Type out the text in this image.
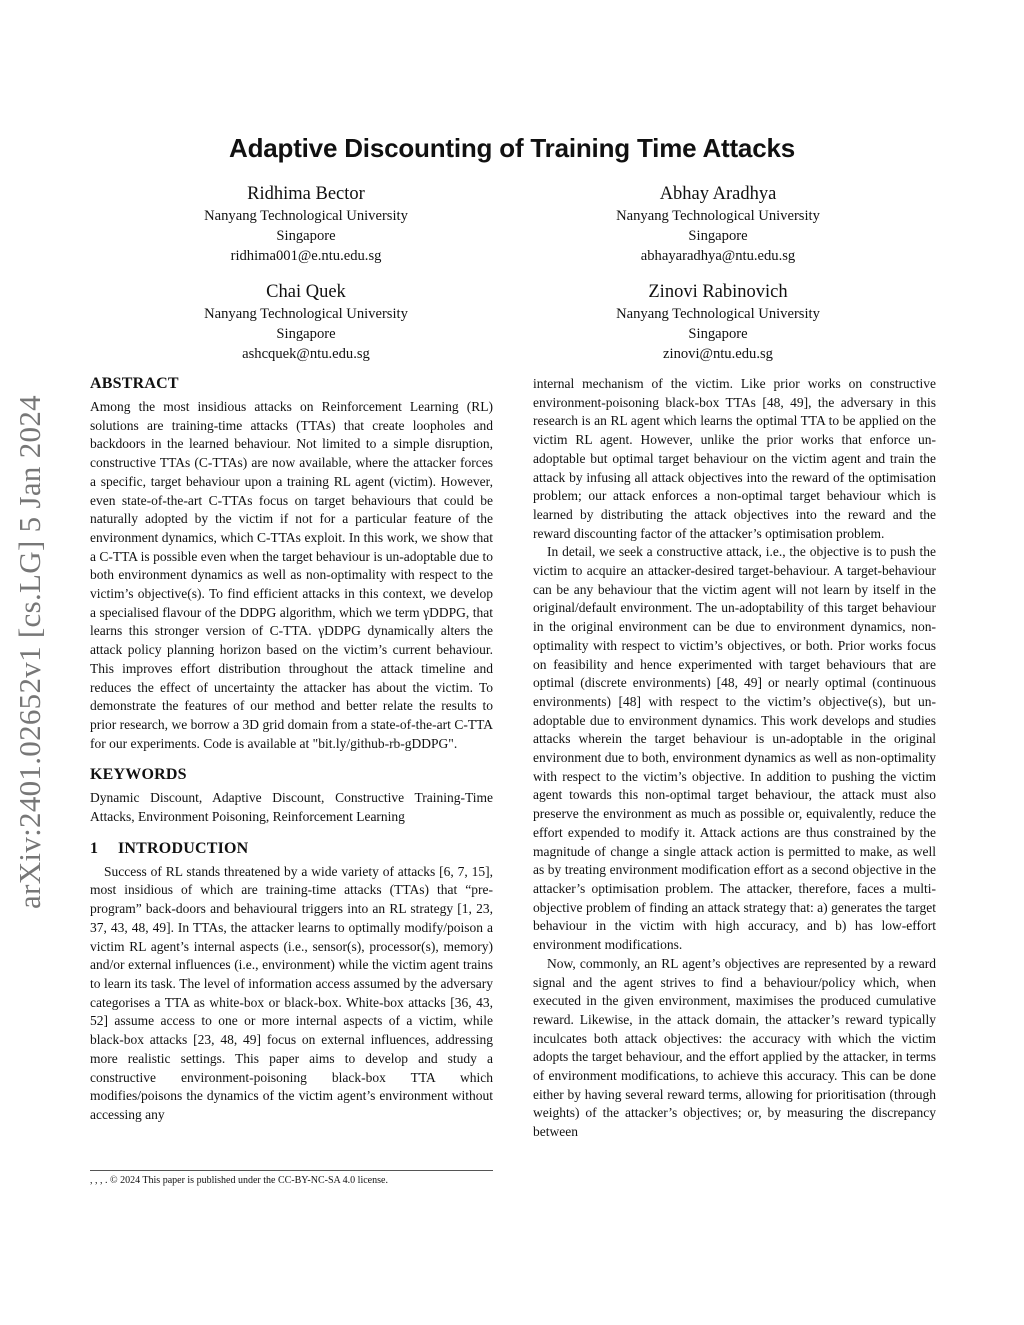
Adaptive Discounting of Training Time Attacks
arXiv:2401.02652v1 [cs.LG] 5 Jan 2024
Ridhima Bector
Nanyang Technological University
Singapore
ridhima001@e.ntu.edu.sg
Abhay Aradhya
Nanyang Technological University
Singapore
abhayaradhya@ntu.edu.sg
Chai Quek
Nanyang Technological University
Singapore
ashcquek@ntu.edu.sg
Zinovi Rabinovich
Nanyang Technological University
Singapore
zinovi@ntu.edu.sg
ABSTRACT

Among the most insidious attacks on Reinforcement Learning (RL) solutions are training-time attacks (TTAs) that create loopholes and backdoors in the learned behaviour. Not limited to a simple disruption, constructive TTAs (C-TTAs) are now available, where the attacker forces a specific, target behaviour upon a training RL agent (victim). However, even state-of-the-art C-TTAs focus on target behaviours that could be naturally adopted by the victim if not for a particular feature of the environment dynamics, which C-TTAs exploit. In this work, we show that a C-TTA is possible even when the target behaviour is un-adoptable due to both environment dynamics as well as non-optimality with respect to the victim’s objective(s). To find efficient attacks in this context, we develop a specialised flavour of the DDPG algorithm, which we term γDDPG, that learns this stronger version of C-TTA. γDDPG dynamically alters the attack policy planning horizon based on the victim’s current behaviour. This improves effort distribution throughout the attack timeline and reduces the effect of uncertainty the attacker has about the victim. To demonstrate the features of our method and better relate the results to prior research, we borrow a 3D grid domain from a state-of-the-art C-TTA for our experiments. Code is available at "bit.ly/github-rb-gDDPG".

KEYWORDS

Dynamic Discount, Adaptive Discount, Constructive Training-Time Attacks, Environment Poisoning, Reinforcement Learning

1 INTRODUCTION

Success of RL stands threatened by a wide variety of attacks [6, 7, 15], most insidious of which are training-time attacks (TTAs) that “pre-program” back-doors and behavioural triggers into an RL strategy [1, 23, 37, 43, 48, 49]. In TTAs, the attacker learns to optimally modify/poison a victim RL agent’s internal aspects (i.e., sensor(s), processor(s), memory) and/or external influences (i.e., environment) while the victim agent trains to learn its task. The level of information access assumed by the adversary categorises a TTA as white-box or black-box. White-box attacks [36, 43, 52] assume access to one or more internal aspects of a victim, while black-box attacks [23, 48, 49] focus on external influences, addressing more realistic settings. This paper aims to develop and study a constructive environment-poisoning black-box TTA which modifies/poisons the dynamics of the victim agent’s environment without accessing any

, , , . © 2024 This paper is published under the CC-BY-NC-SA 4.0 license.

internal mechanism of the victim. Like prior works on constructive environment-poisoning black-box TTAs [48, 49], the adversary in this research is an RL agent which learns the optimal TTA to be applied on the victim RL agent. However, unlike the prior works that enforce un-adoptable but optimal target behaviour on the victim agent and train the attack by infusing all attack objectives into the reward of the optimisation problem; our attack enforces a non-optimal target behaviour which is learned by distributing the attack objectives into the reward and the reward discounting factor of the attacker’s optimisation problem.

In detail, we seek a constructive attack, i.e., the objective is to push the victim to acquire an attacker-desired target-behaviour. A target-behaviour can be any behaviour that the victim agent will not learn by itself in the original/default environment. The un-adoptability of this target behaviour in the original environment can be due to environment dynamics, non-optimality with respect to victim’s objectives, or both. Prior works focus on feasibility and hence experimented with target behaviours that are optimal (discrete environments) [48, 49] or nearly optimal (continuous environments) [48] with respect to the victim’s objective(s), but un-adoptable due to environment dynamics. This work develops and studies attacks wherein the target behaviour is un-adoptable in the original environment due to both, environment dynamics as well as non-optimality with respect to the victim’s objective. In addition to pushing the victim agent towards this non-optimal target behaviour, the attack must also preserve the environment as much as possible or, equivalently, reduce the effort expended to modify it. Attack actions are thus constrained by the magnitude of change a single attack action is permitted to make, as well as by treating environment modification effort as a second objective in the attacker’s optimisation problem. The attacker, therefore, faces a multi-objective problem of finding an attack strategy that: a) generates the target behaviour in the victim with high accuracy, and b) has low-effort environment modifications.

Now, commonly, an RL agent’s objectives are represented by a reward signal and the agent strives to find a behaviour/policy which, when executed in the given environment, maximises the produced cumulative reward. Likewise, in the attack domain, the attacker’s reward typically inculcates both attack objectives: the accuracy with which the victim adopts the target behaviour, and the effort applied by the attacker, in terms of environment modifications, to achieve this accuracy. This can be done either by having several reward terms, allowing for prioritisation (through weights) of the attacker’s objectives; or, by measuring the discrepancy between
